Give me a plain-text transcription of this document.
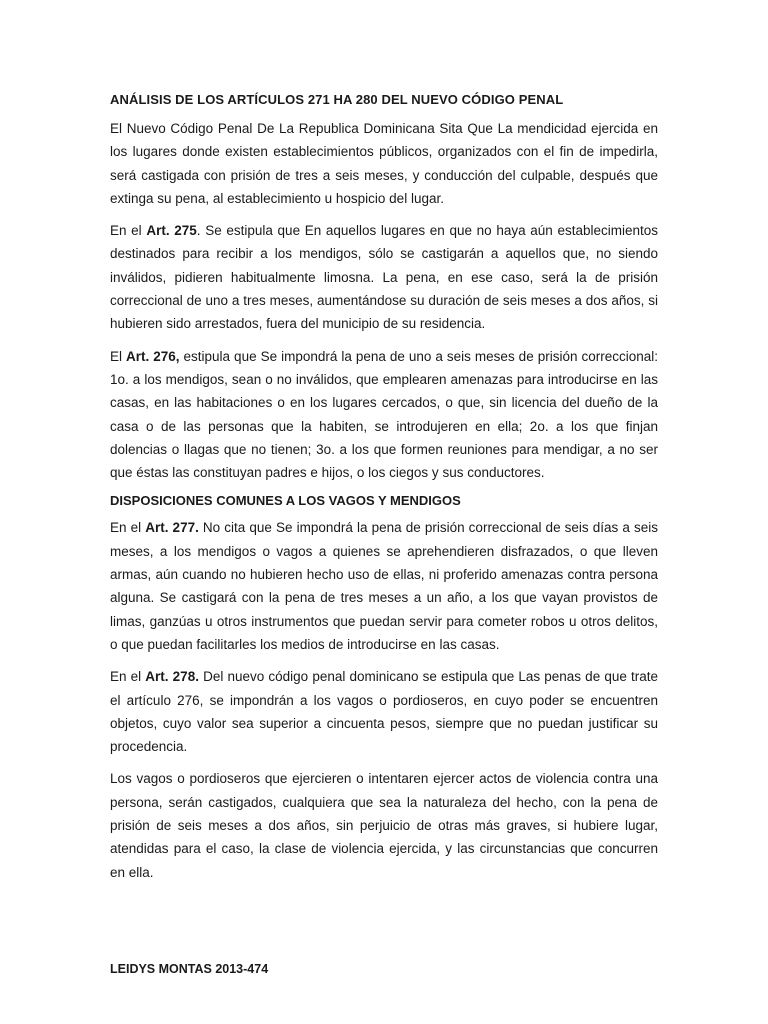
ANÁLISIS DE LOS ARTÍCULOS 271 HA 280 DEL NUEVO CÓDIGO PENAL

El Nuevo Código Penal De La Republica Dominicana Sita Que La mendicidad ejercida en los lugares donde existen establecimientos públicos, organizados con el fin de impedirla, será castigada con prisión de tres a seis meses, y conducción del culpable, después que extinga su pena, al establecimiento u hospicio del lugar.

En el Art. 275. Se estipula que En aquellos lugares en que no haya aún establecimientos destinados para recibir a los mendigos, sólo se castigarán a aquellos que, no siendo inválidos, pidieren habitualmente limosna. La pena, en ese caso, será la de prisión correccional de uno a tres meses, aumentándose su duración de seis meses a dos años, si hubieren sido arrestados, fuera del municipio de su residencia.

El Art. 276, estipula que Se impondrá la pena de uno a seis meses de prisión correccional: 1o. a los mendigos, sean o no inválidos, que emplearen amenazas para introducirse en las casas, en las habitaciones o en los lugares cercados, o que, sin licencia del dueño de la casa o de las personas que la habiten, se introdujeren en ella; 2o. a los que finjan dolencias o llagas que no tienen; 3o. a los que formen reuniones para mendigar, a no ser que éstas las constituyan padres e hijos, o los ciegos y sus conductores.

DISPOSICIONES COMUNES A LOS VAGOS Y MENDIGOS

En el Art. 277. No cita que Se impondrá la pena de prisión correccional de seis días a seis meses, a los mendigos o vagos a quienes se aprehendieren disfrazados, o que lleven armas, aún cuando no hubieren hecho uso de ellas, ni proferido amenazas contra persona alguna. Se castigará con la pena de tres meses a un año, a los que vayan provistos de limas, ganzúas u otros instrumentos que puedan servir para cometer robos u otros delitos, o que puedan facilitarles los medios de introducirse en las casas.

En el Art. 278. Del nuevo código penal dominicano se estipula que Las penas de que trate el artículo 276, se impondrán a los vagos o pordioseros, en cuyo poder se encuentren objetos, cuyo valor sea superior a cincuenta pesos, siempre que no puedan justificar su procedencia.

Los vagos o pordioseros que ejercieren o intentaren ejercer actos de violencia contra una persona, serán castigados, cualquiera que sea la naturaleza del hecho, con la pena de prisión de seis meses a dos años, sin perjuicio de otras más graves, si hubiere lugar, atendidas para el caso, la clase de violencia ejercida, y las circunstancias que concurren en ella.

LEIDYS MONTAS 2013-474
